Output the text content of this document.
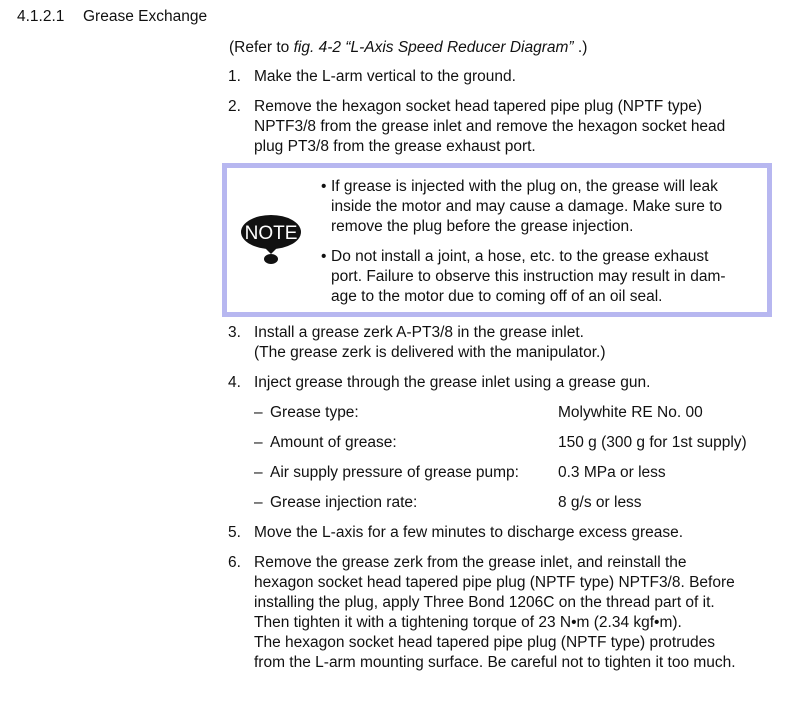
4.1.2.1 Grease Exchange
(Refer to fig. 4-2 “L-Axis Speed Reducer Diagram” .)
1. Make the L-arm vertical to the ground.
2. Remove the hexagon socket head tapered pipe plug (NPTF type)
NPTF3/8 from the grease inlet and remove the hexagon socket head
plug PT3/8 from the grease exhaust port.
NOTE
• If grease is injected with the plug on, the grease will leak
inside the motor and may cause a damage. Make sure to
remove the plug before the grease injection.
• Do not install a joint, a hose, etc. to the grease exhaust
port. Failure to observe this instruction may result in dam-
age to the motor due to coming off of an oil seal.
3. Install a grease zerk A-PT3/8 in the grease inlet.
(The grease zerk is delivered with the manipulator.)
4. Inject grease through the grease inlet using a grease gun.
– Grease type:	Molywhite RE No. 00
– Amount of grease:	150 g (300 g for 1st supply)
– Air supply pressure of grease pump:	0.3 MPa or less
– Grease injection rate:	8 g/s or less
5. Move the L-axis for a few minutes to discharge excess grease.
6. Remove the grease zerk from the grease inlet, and reinstall the
hexagon socket head tapered pipe plug (NPTF type) NPTF3/8. Before
installing the plug, apply Three Bond 1206C on the thread part of it.
Then tighten it with a tightening torque of 23 N•m (2.34 kgf•m).
The hexagon socket head tapered pipe plug (NPTF type) protrudes
from the L-arm mounting surface. Be careful not to tighten it too much.
